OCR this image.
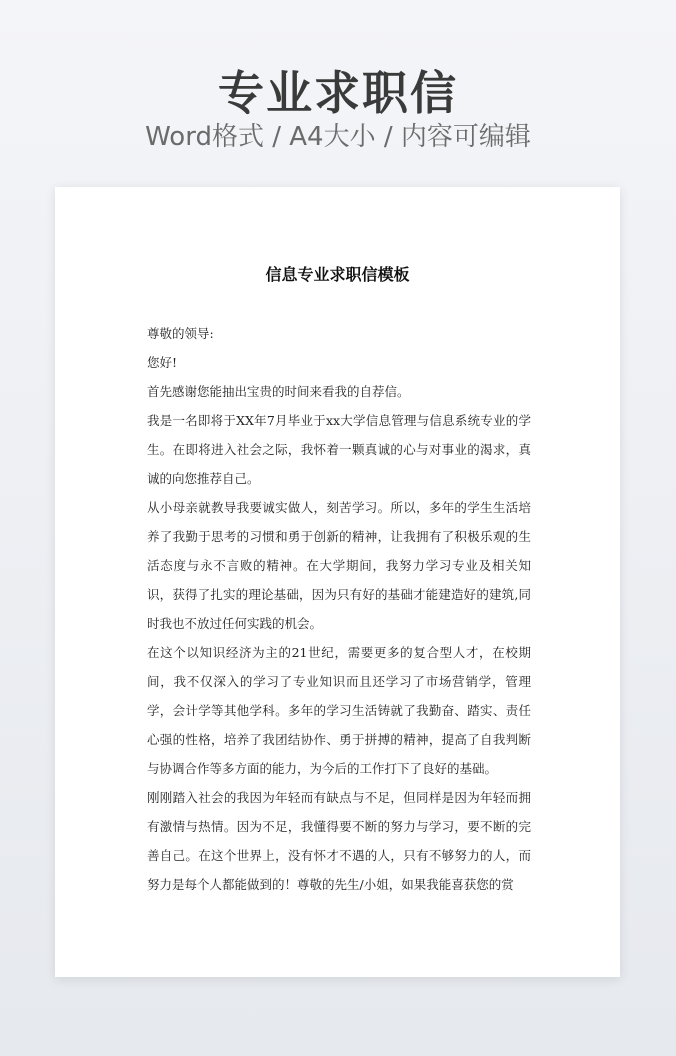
专业求职信
Word格式 / A4大小 / 内容可编辑
信息专业求职信模板

尊敬的领导:

您好!

首先感谢您能抽出宝贵的时间来看我的自荐信。

我是一名即将于XX年7月毕业于xx大学信息管理与信息系统专业的学生。在即将进入社会之际，我怀着一颗真诚的心与对事业的渴求，真诚的向您推荐自己。

从小母亲就教导我要诚实做人，刻苦学习。所以，多年的学生生活培养了我勤于思考的习惯和勇于创新的精神，让我拥有了积极乐观的生活态度与永不言败的精神。在大学期间，我努力学习专业及相关知识，获得了扎实的理论基础，因为只有好的基础才能建造好的建筑,同时我也不放过任何实践的机会。

在这个以知识经济为主的21世纪，需要更多的复合型人才，在校期间，我不仅深入的学习了专业知识而且还学习了市场营销学，管理学，会计学等其他学科。多年的学习生活铸就了我勤奋、踏实、责任心强的性格，培养了我团结协作、勇于拼搏的精神，提高了自我判断与协调合作等多方面的能力，为今后的工作打下了良好的基础。

刚刚踏入社会的我因为年轻而有缺点与不足，但同样是因为年轻而拥有激情与热情。因为不足，我懂得要不断的努力与学习，要不断的完善自己。在这个世界上，没有怀才不遇的人，只有不够努力的人，而努力是每个人都能做到的！尊敬的先生/小姐，如果我能喜获您的赏
